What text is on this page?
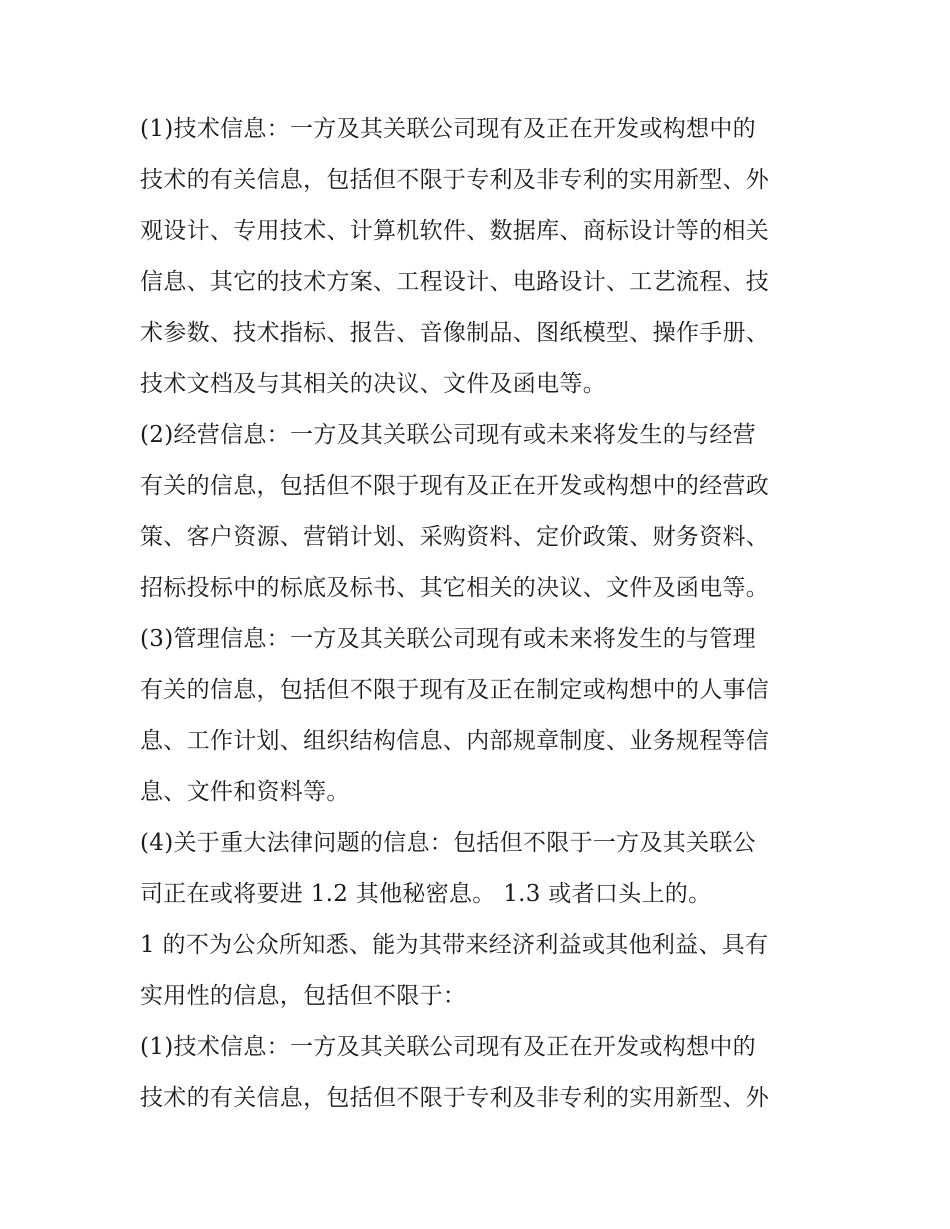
(1)技术信息：一方及其关联公司现有及正在开发或构想中的
技术的有关信息，包括但不限于专利及非专利的实用新型、外
观设计、专用技术、计算机软件、数据库、商标设计等的相关
信息、其它的技术方案、工程设计、电路设计、工艺流程、技
术参数、技术指标、报告、音像制品、图纸模型、操作手册、
技术文档及与其相关的决议、文件及函电等。
(2)经营信息：一方及其关联公司现有或未来将发生的与经营
有关的信息，包括但不限于现有及正在开发或构想中的经营政
策、客户资源、营销计划、采购资料、定价政策、财务资料、
招标投标中的标底及标书、其它相关的决议、文件及函电等。
(3)管理信息：一方及其关联公司现有或未来将发生的与管理
有关的信息，包括但不限于现有及正在制定或构想中的人事信
息、工作计划、组织结构信息、内部规章制度、业务规程等信
息、文件和资料等。
(4)关于重大法律问题的信息：包括但不限于一方及其关联公
司正在或将要进 1.2 其他秘密息。 1.3 或者口头上的。
1 的不为公众所知悉、能为其带来经济利益或其他利益、具有
实用性的信息，包括但不限于：
(1)技术信息：一方及其关联公司现有及正在开发或构想中的
技术的有关信息，包括但不限于专利及非专利的实用新型、外
